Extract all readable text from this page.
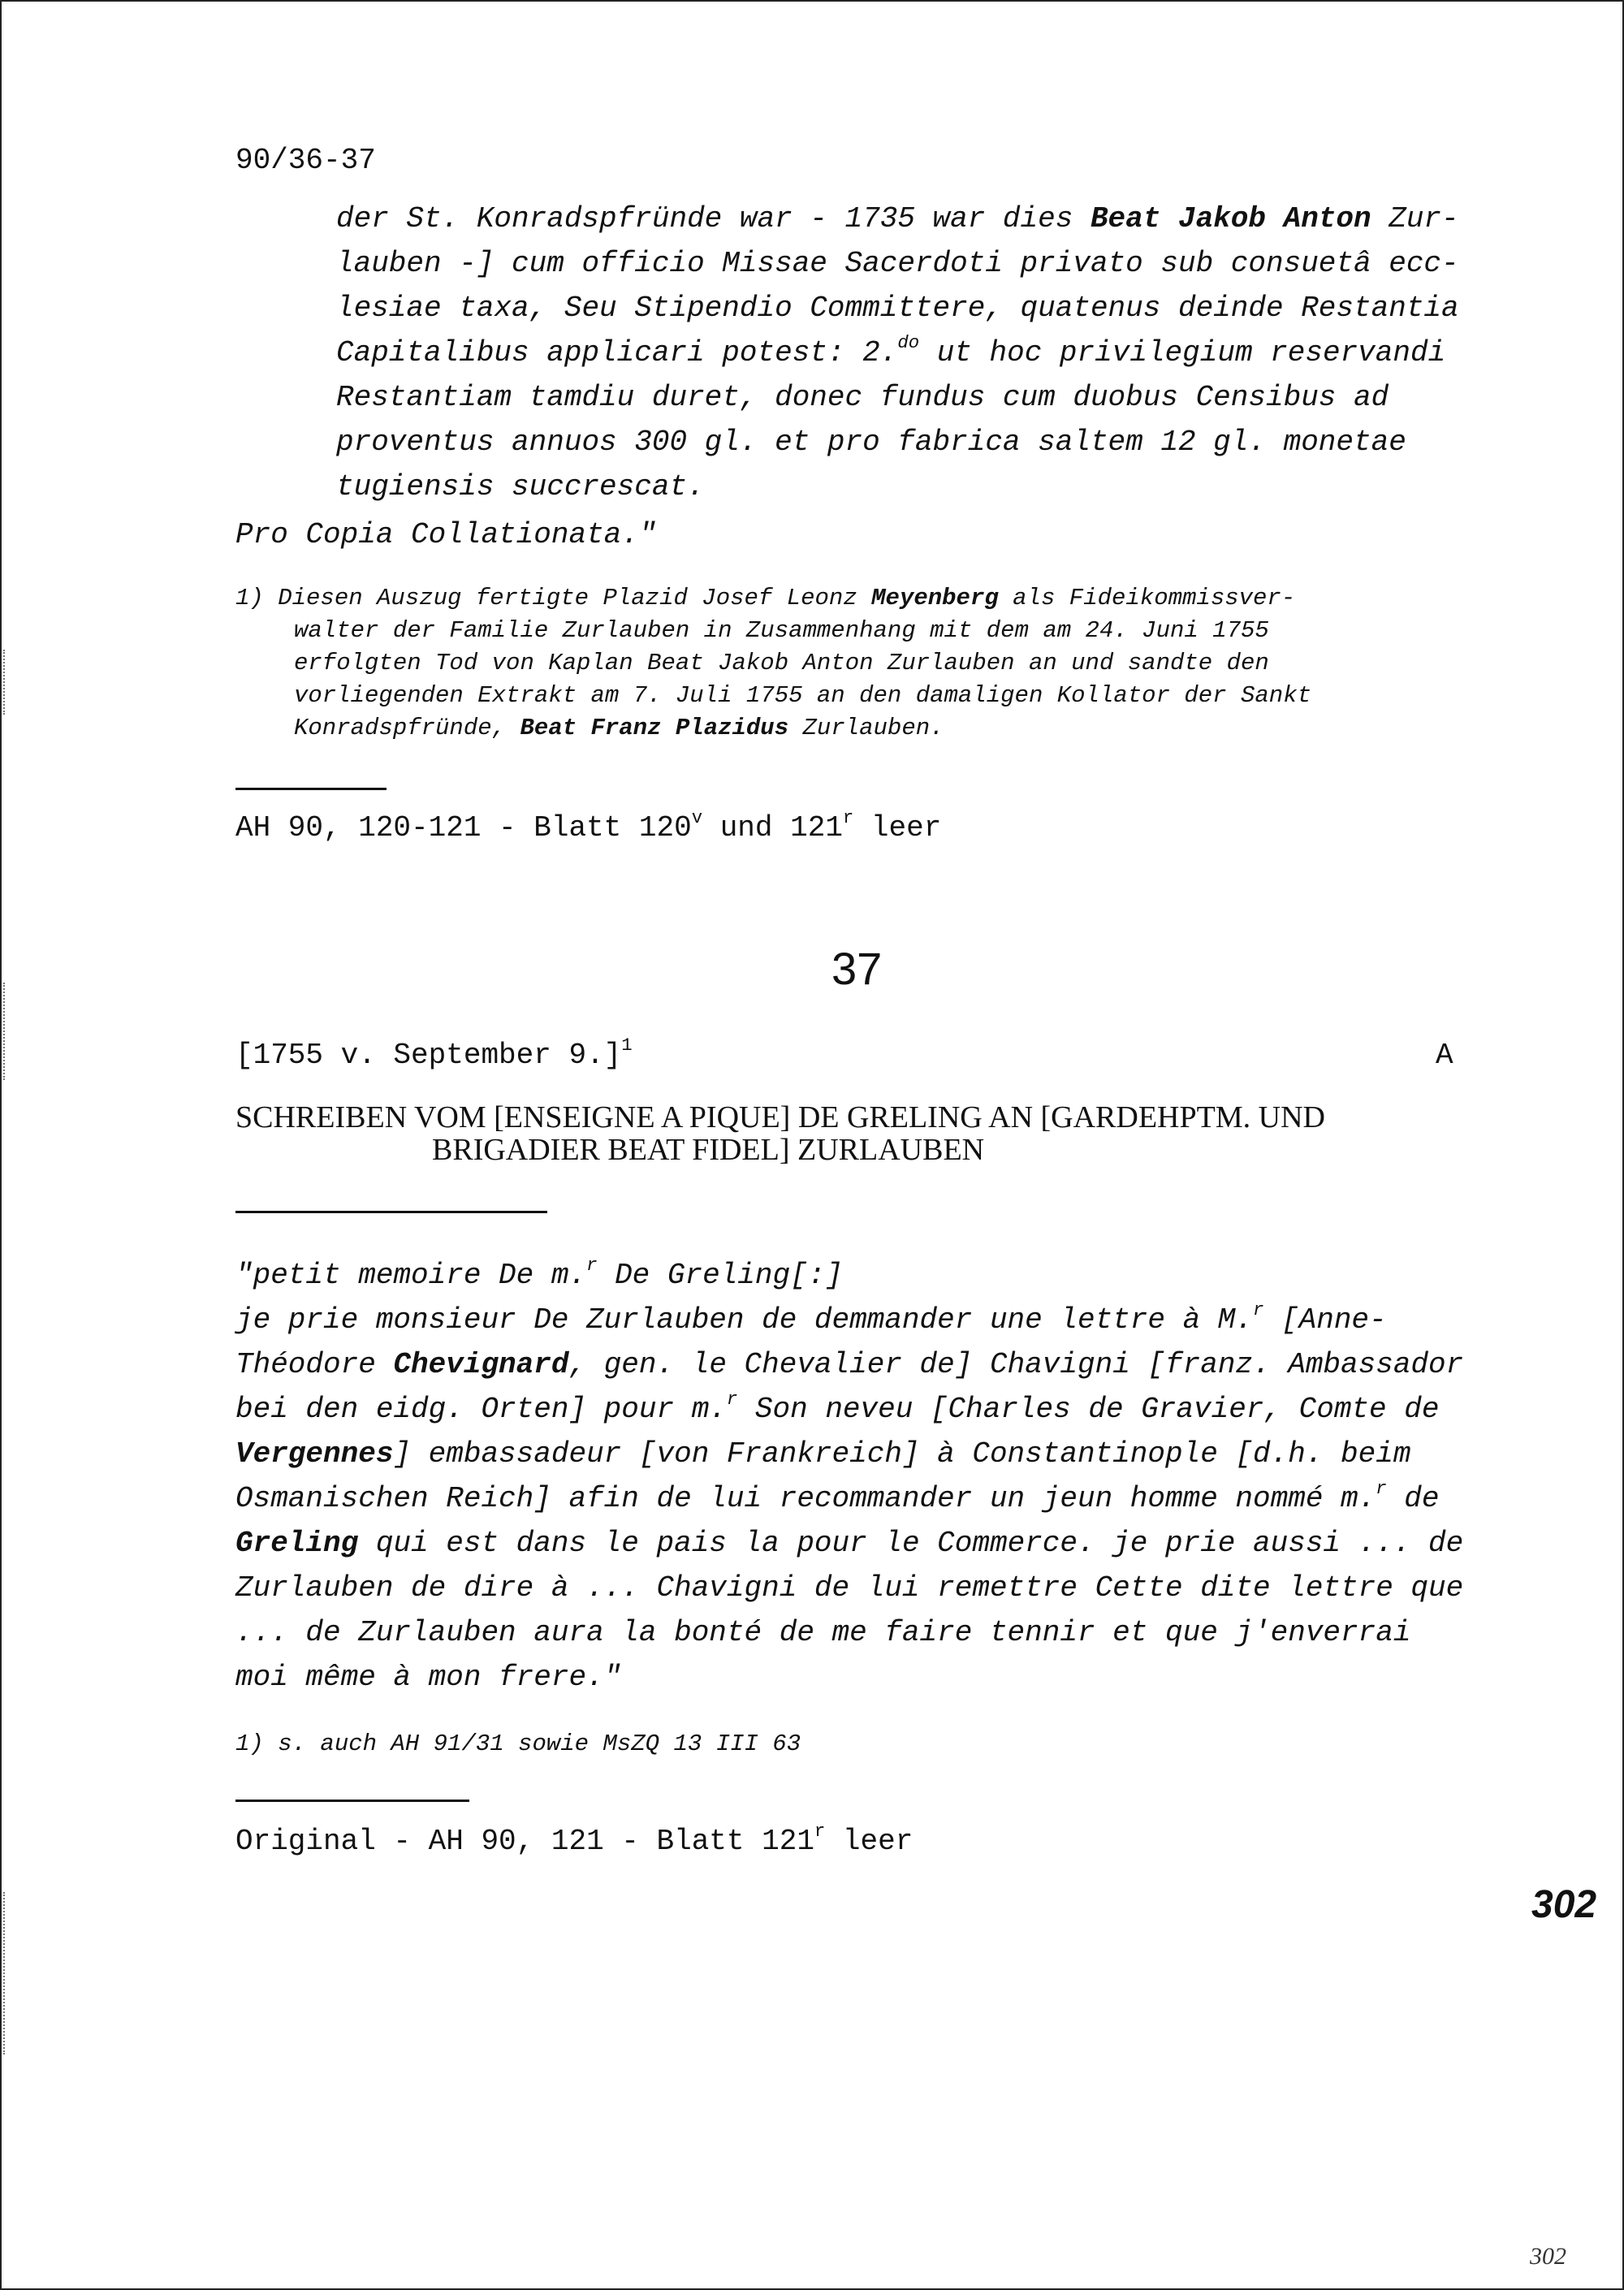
90/36-37
der St. Konradspfründe war - 1735 war dies Beat Jakob Anton Zur-
lauben -] cum officio Missae Sacerdoti privato sub consuetâ ecc-
lesiae taxa, Seu Stipendio Committere, quatenus deinde Restantia
Capitalibus applicari potest: 2.$^{do}$ ut hoc privilegium reservandi
Restantiam tamdiu duret, donec fundus cum duobus Censibus ad
proventus annuos 300 gl. et pro fabrica saltem 12 gl. monetae
tugiensis succrescat.
Pro Copia Collationata."
1) Diesen Auszug fertigte Plazid Josef Leonz Meyenberg als Fideikommissver-
walter der Familie Zurlauben in Zusammenhang mit dem am 24. Juni 1755
erfolgten Tod von Kaplan Beat Jakob Anton Zurlauben an und sandte den
vorliegenden Extrakt am 7. Juli 1755 an den damaligen Kollator der Sankt
Konradspfründe, Beat Franz Plazidus Zurlauben.
AH 90, 120-121 - Blatt 120$^v$ und 121$^r$ leer
37
[1755 v. September 9.]$^1$	A
SCHREIBEN VOM [ENSEIGNE A PIQUE] DE GRELING AN [GARDEHPTM. UND
BRIGADIER BEAT FIDEL] ZURLAUBEN
"petit memoire De m.$^r$ De Greling[:]
je prie monsieur De Zurlauben de demmander une lettre à M.$^r$ [Anne-
Théodore Chevignard, gen. le Chevalier de] Chavigni [franz. Ambassador
bei den eidg. Orten] pour m.$^r$ Son neveu [Charles de Gravier, Comte de
Vergennes] embassadeur [von Frankreich] à Constantinople [d.h. beim
Osmanischen Reich] afin de lui recommander un jeun homme nommé m.$^r$ de
Greling qui est dans le pais la pour le Commerce. je prie aussi ... de
Zurlauben de dire à ... Chavigni de lui remettre Cette dite lettre que
... de Zurlauben aura la bonté de me faire tennir et que j'enverrai
moi même à mon frere."
1) s. auch AH 91/31 sowie MsZQ 13 III 63
Original - AH 90, 121 - Blatt 121$^r$ leer
302
302
